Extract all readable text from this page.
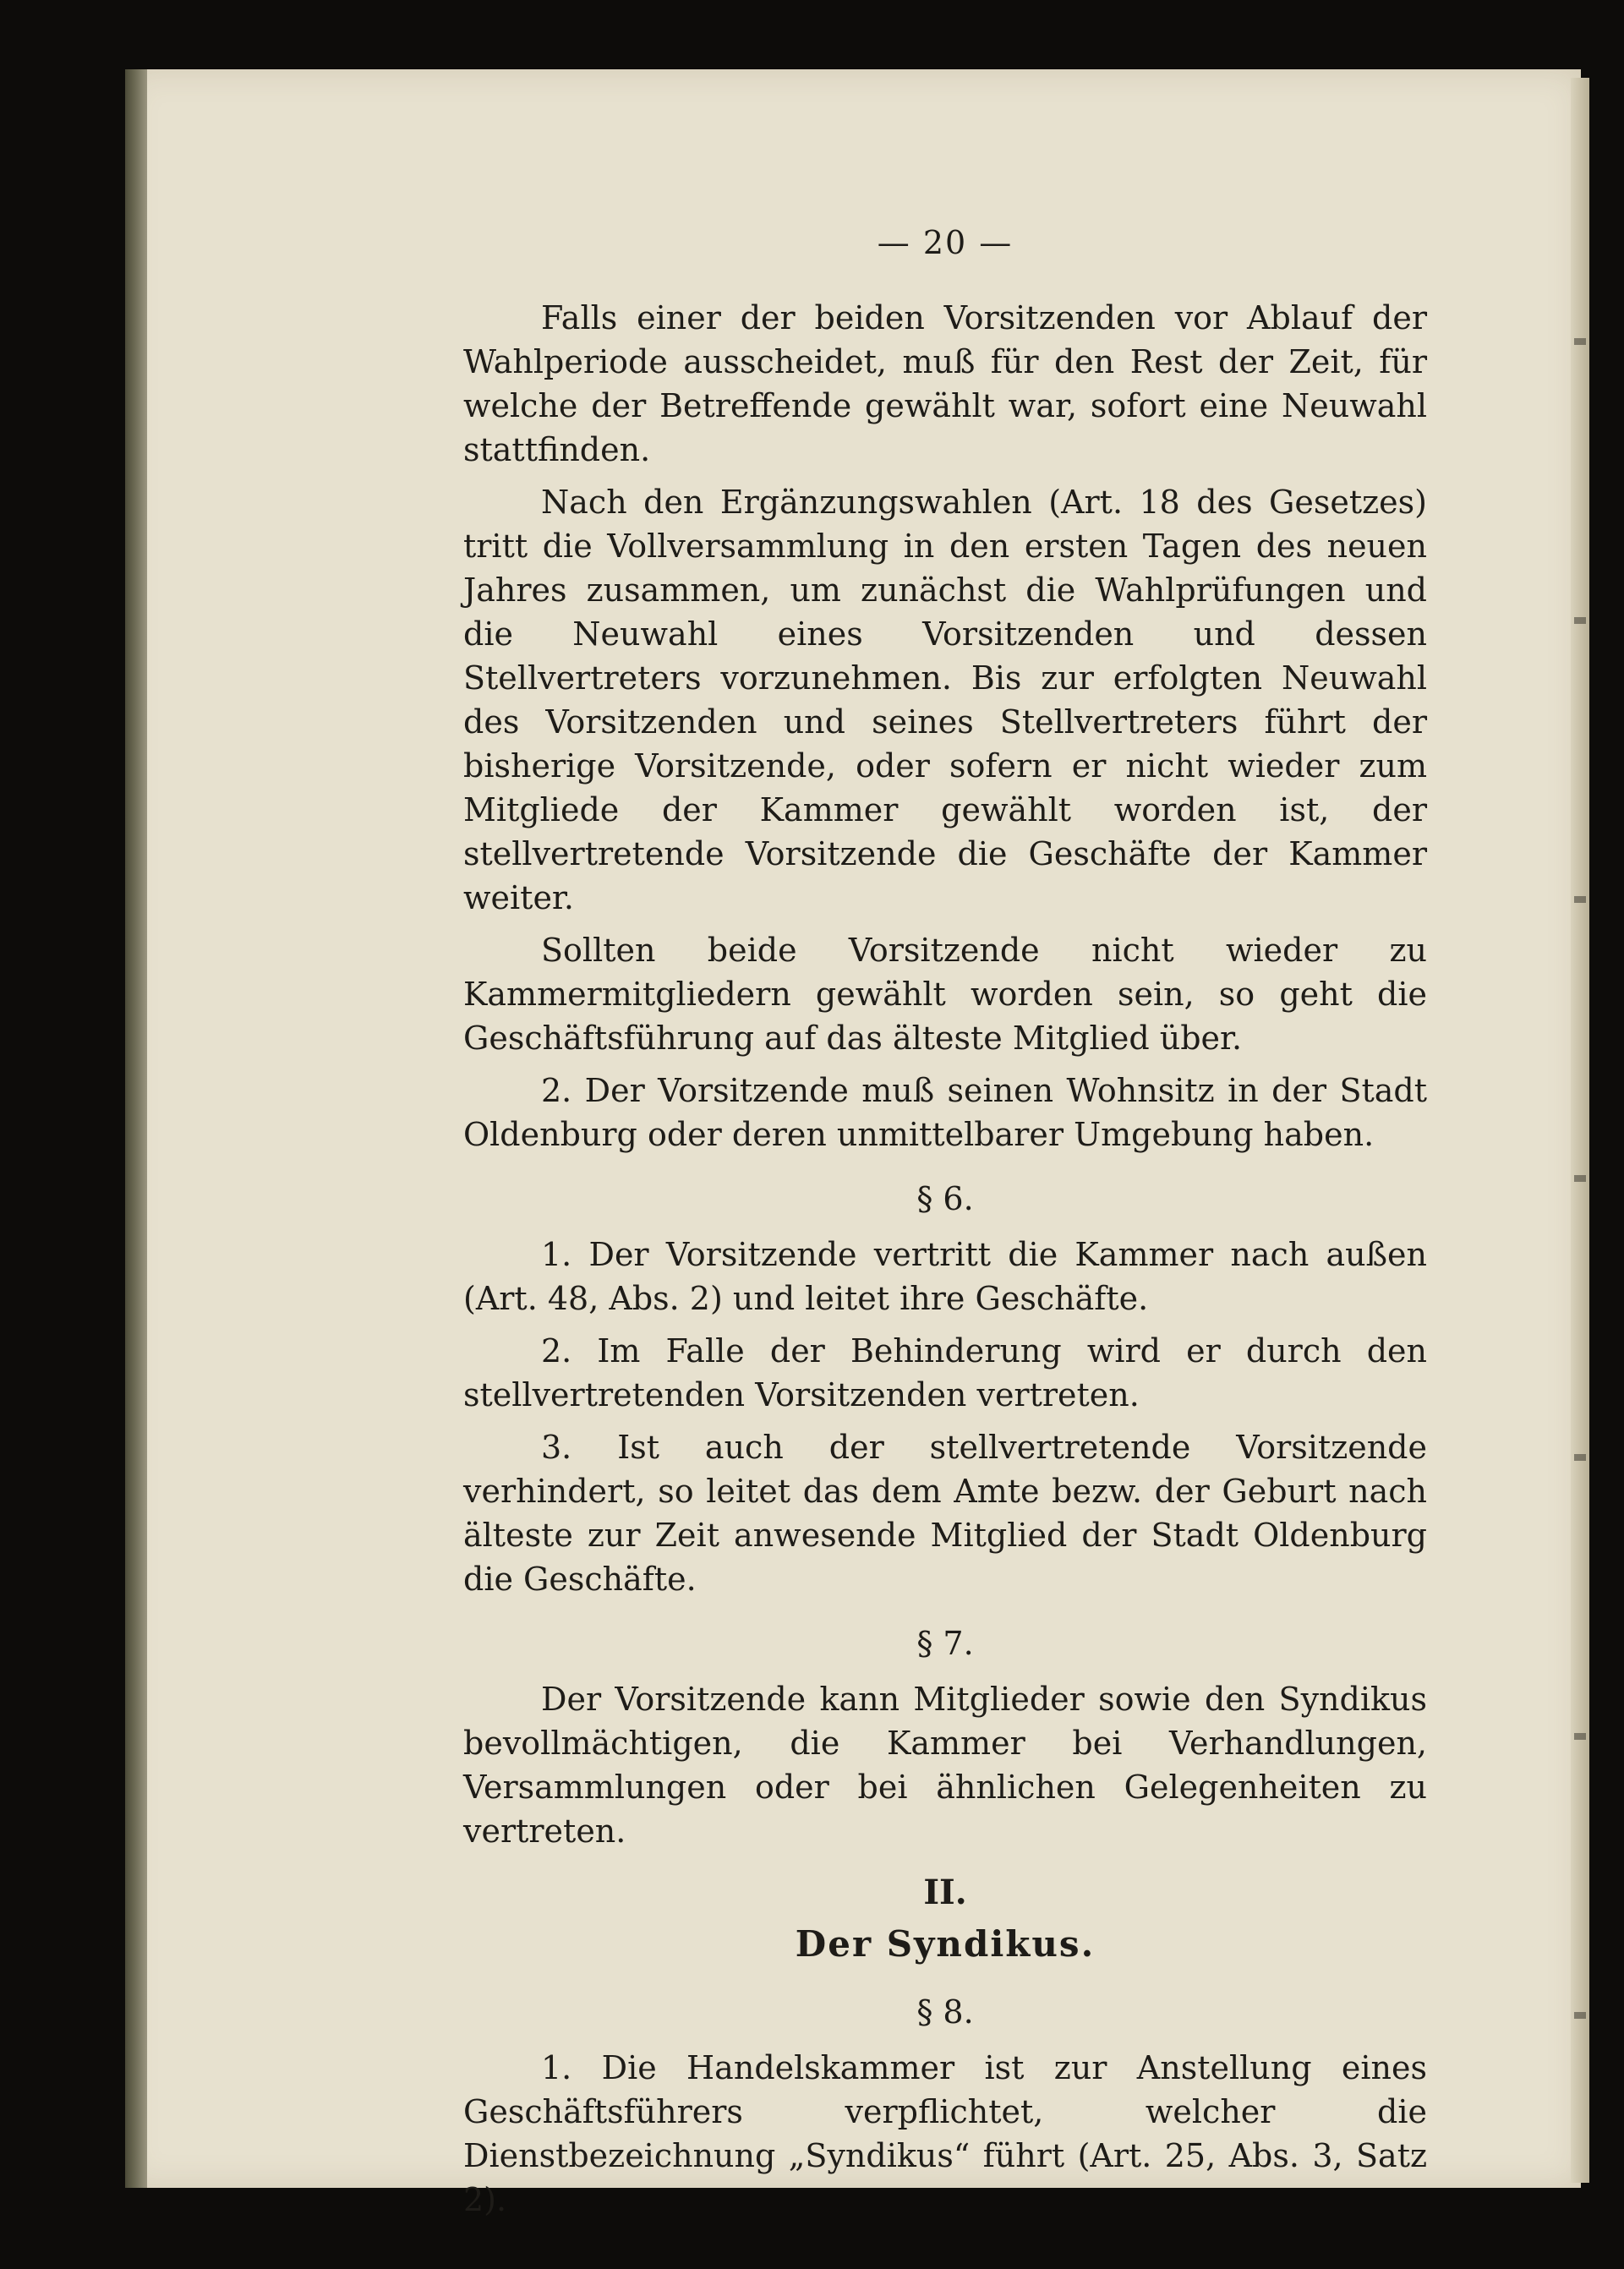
— 20 —

Falls einer der beiden Vorsitzenden vor Ablauf der Wahlperiode ausscheidet, muß für den Rest der Zeit, für welche der Betreffende gewählt war, sofort eine Neuwahl stattfinden.

Nach den Ergänzungswahlen (Art. 18 des Gesetzes) tritt die Vollversammlung in den ersten Tagen des neuen Jahres zusammen, um zunächst die Wahlprüfungen und die Neuwahl eines Vorsitzenden und dessen Stellvertreters vorzunehmen. Bis zur erfolgten Neuwahl des Vorsitzenden und seines Stellvertreters führt der bisherige Vorsitzende, oder sofern er nicht wieder zum Mitgliede der Kammer gewählt worden ist, der stellvertretende Vorsitzende die Geschäfte der Kammer weiter.

Sollten beide Vorsitzende nicht wieder zu Kammermitgliedern gewählt worden sein, so geht die Geschäftsführung auf das älteste Mitglied über.

2. Der Vorsitzende muß seinen Wohnsitz in der Stadt Oldenburg oder deren unmittelbarer Umgebung haben.

§ 6.

1. Der Vorsitzende vertritt die Kammer nach außen (Art. 48, Abs. 2) und leitet ihre Geschäfte.

2. Im Falle der Behinderung wird er durch den stellvertretenden Vorsitzenden vertreten.

3. Ist auch der stellvertretende Vorsitzende verhindert, so leitet das dem Amte bezw. der Geburt nach älteste zur Zeit anwesende Mitglied der Stadt Oldenburg die Geschäfte.

§ 7.

Der Vorsitzende kann Mitglieder sowie den Syndikus bevollmächtigen, die Kammer bei Verhandlungen, Versammlungen oder bei ähnlichen Gelegenheiten zu vertreten.

II.
Der Syndikus.
§ 8.

1. Die Handelskammer ist zur Anstellung eines Geschäftsführers verpflichtet, welcher die Dienstbezeichnung „Syndikus“ führt (Art. 25, Abs. 3, Satz 2).
